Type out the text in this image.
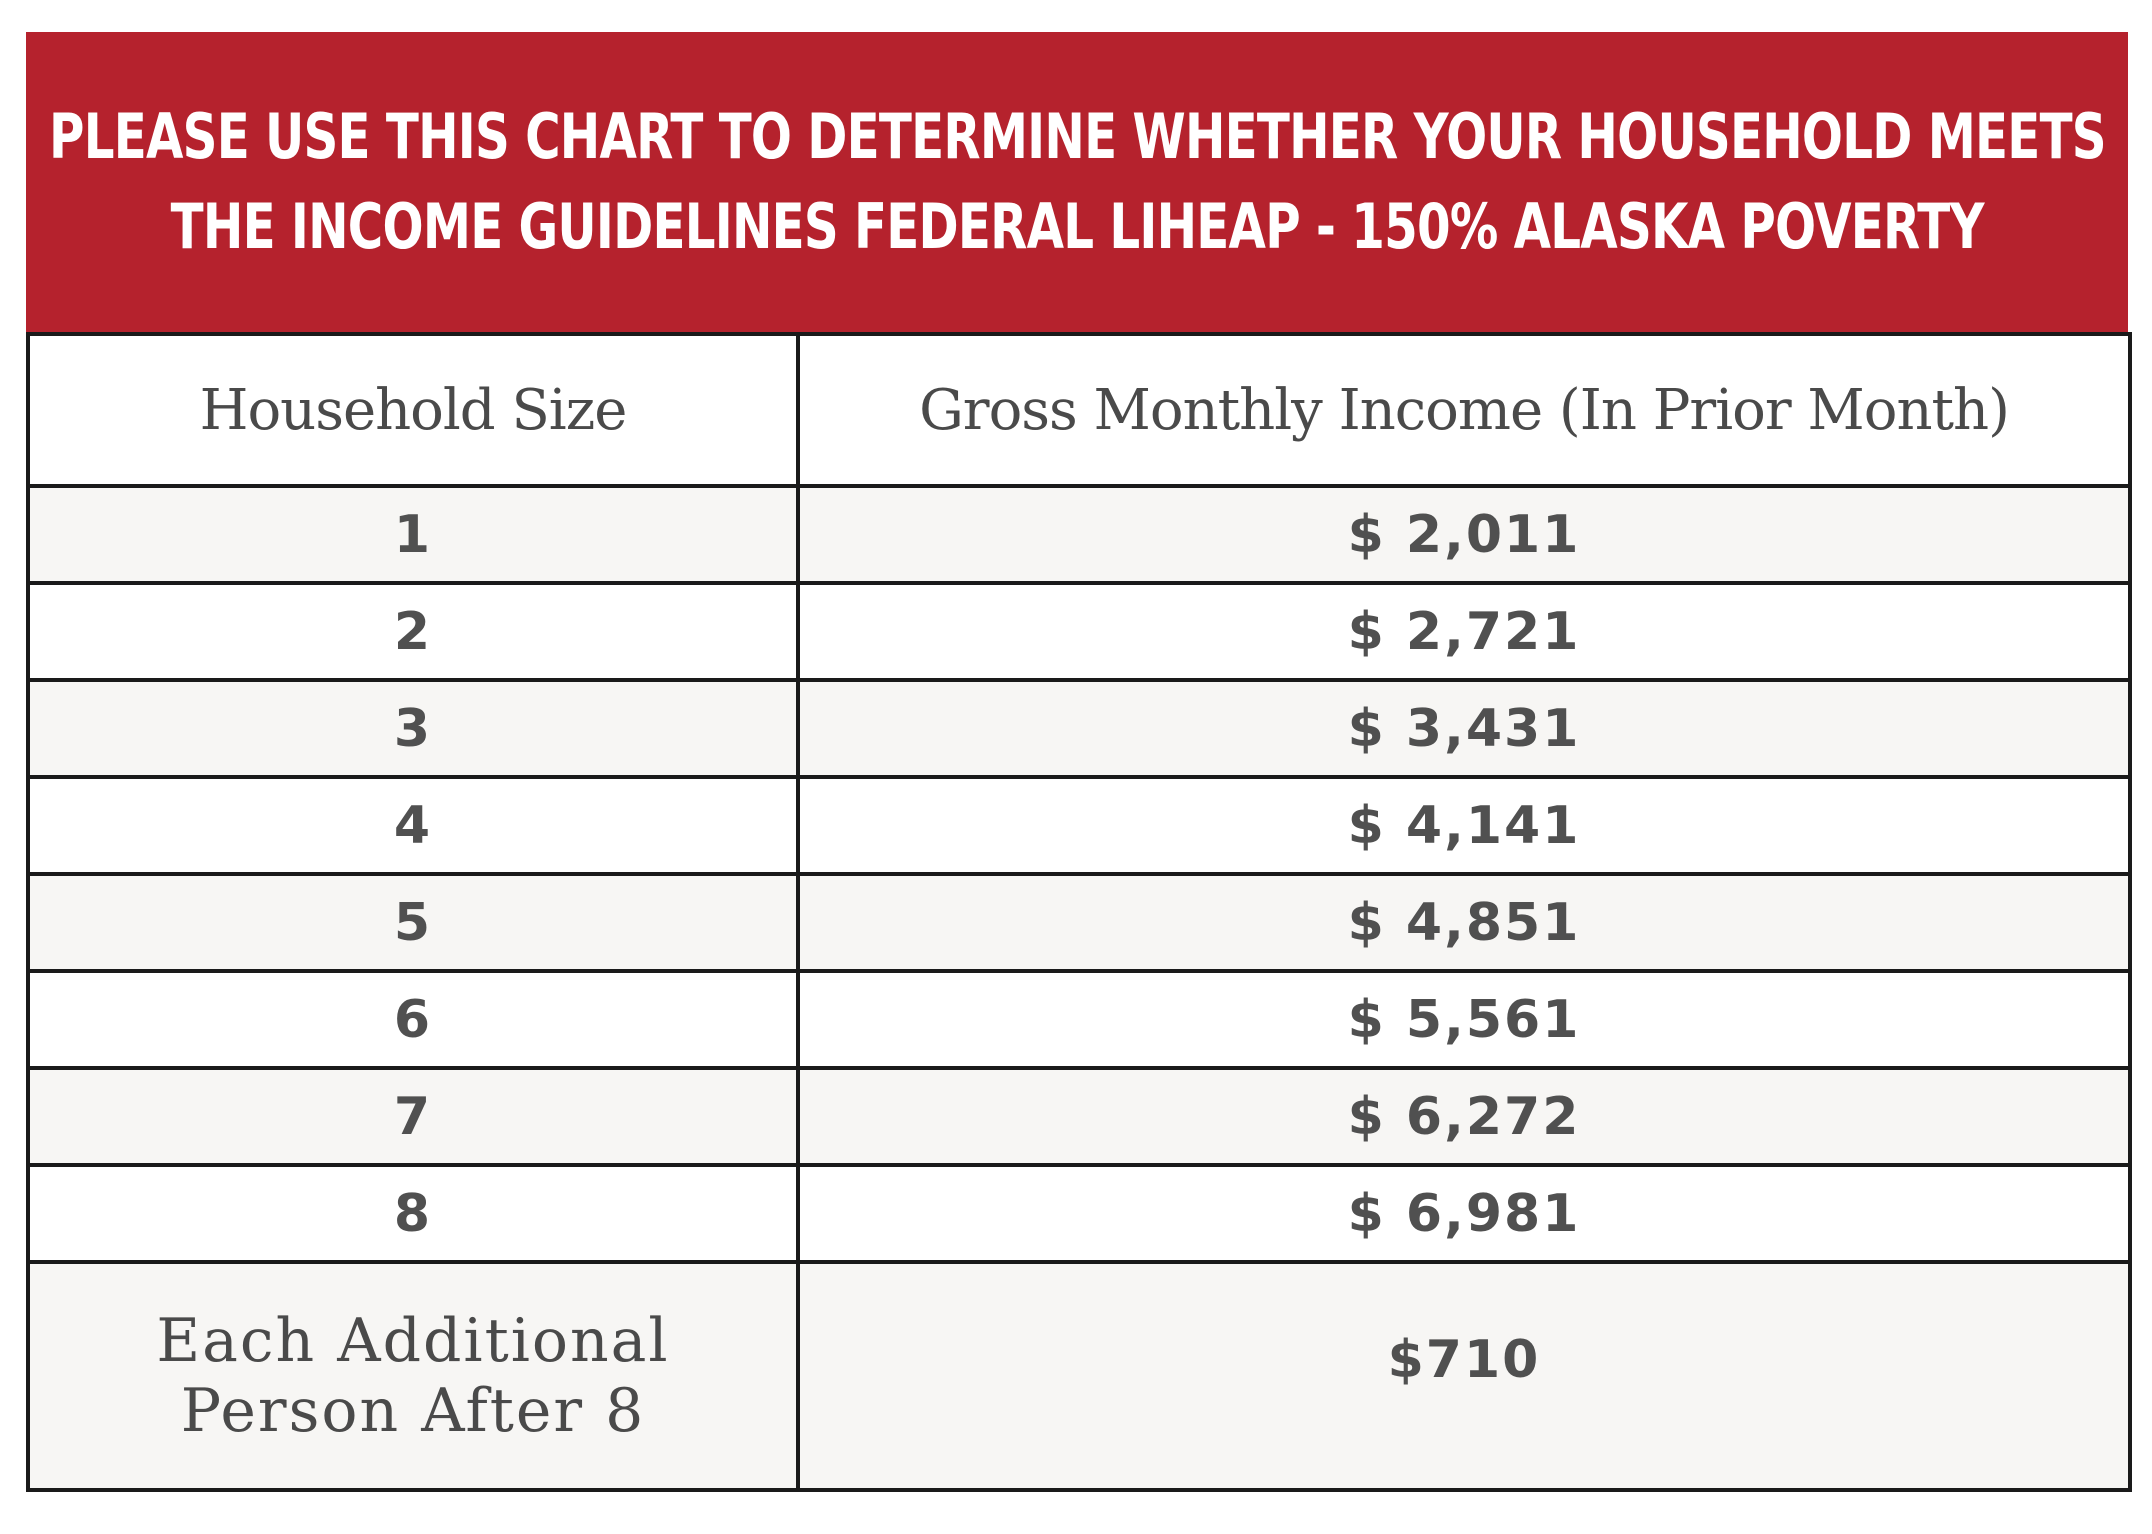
PLEASE USE THIS CHART TO DETERMINE WHETHER YOUR HOUSEHOLD MEETS
THE INCOME GUIDELINES FEDERAL LIHEAP - 150% ALASKA POVERTY
Household Size	Gross Monthly Income (In Prior Month)
1	$ 2,011
2	$ 2,721
3	$ 3,431
4	$ 4,141
5	$ 4,851
6	$ 5,561
7	$ 6,272
8	$ 6,981

Each Additional
Person After 8	$710
